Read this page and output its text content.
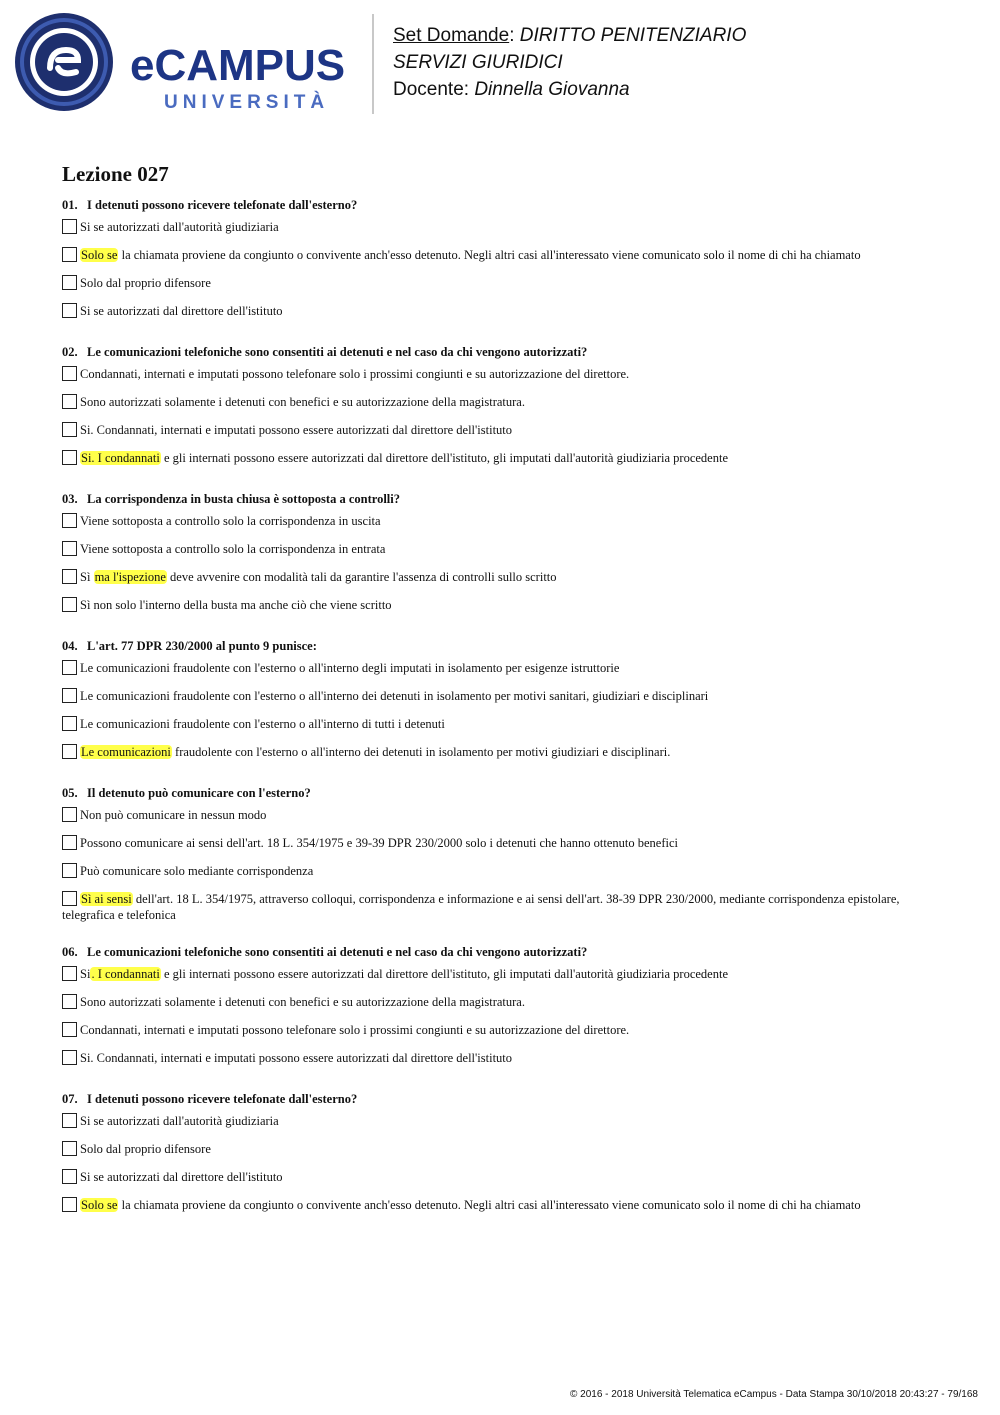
eCAMPUS
UNIVERSITÀ
Set Domande: DIRITTO PENITENZIARIO
SERVIZI GIURIDICI
Docente: Dinnella Giovanna
Lezione 027

01. I detenuti possono ricevere telefonate dall'esterno?

Si se autorizzati dall'autorità giudiziaria

Solo se la chiamata proviene da congiunto o convivente anch'esso detenuto. Negli altri casi all'interessato viene comunicato solo il nome di chi ha chiamato

Solo dal proprio difensore

Si se autorizzati dal direttore dell'istituto

02. Le comunicazioni telefoniche sono consentiti ai detenuti e nel caso da chi vengono autorizzati?

Condannati, internati e imputati possono telefonare solo i prossimi congiunti e su autorizzazione del direttore.

Sono autorizzati solamente i detenuti con benefici e su autorizzazione della magistratura.

Si. Condannati, internati e imputati possono essere autorizzati dal direttore dell'istituto

Si. I condannati e gli internati possono essere autorizzati dal direttore dell'istituto, gli imputati dall'autorità giudiziaria procedente

03. La corrispondenza in busta chiusa è sottoposta a controlli?

Viene sottoposta a controllo solo la corrispondenza in uscita

Viene sottoposta a controllo solo la corrispondenza in entrata

Sì ma l'ispezione deve avvenire con modalità tali da garantire l'assenza di controlli sullo scritto

Sì non solo l'interno della busta ma anche ciò che viene scritto

04. L'art. 77 DPR 230/2000 al punto 9 punisce:

Le comunicazioni fraudolente con l'esterno o all'interno degli imputati in isolamento per esigenze istruttorie

Le comunicazioni fraudolente con l'esterno o all'interno dei detenuti in isolamento per motivi sanitari, giudiziari e disciplinari

Le comunicazioni fraudolente con l'esterno o all'interno di tutti i detenuti

Le comunicazioni fraudolente con l'esterno o all'interno dei detenuti in isolamento per motivi giudiziari e disciplinari.

05. Il detenuto può comunicare con l'esterno?

Non può comunicare in nessun modo

Possono comunicare ai sensi dell'art. 18 L. 354/1975 e 39-39 DPR 230/2000 solo i detenuti che hanno ottenuto benefici

Può comunicare solo mediante corrispondenza

Sì ai sensi dell'art. 18 L. 354/1975, attraverso colloqui, corrispondenza e informazione e ai sensi dell'art. 38-39 DPR 230/2000, mediante corrispondenza epistolare, telegrafica e telefonica

06. Le comunicazioni telefoniche sono consentiti ai detenuti e nel caso da chi vengono autorizzati?

Si. I condannati e gli internati possono essere autorizzati dal direttore dell'istituto, gli imputati dall'autorità giudiziaria procedente

Sono autorizzati solamente i detenuti con benefici e su autorizzazione della magistratura.

Condannati, internati e imputati possono telefonare solo i prossimi congiunti e su autorizzazione del direttore.

Si. Condannati, internati e imputati possono essere autorizzati dal direttore dell'istituto

07. I detenuti possono ricevere telefonate dall'esterno?

Si se autorizzati dall'autorità giudiziaria

Solo dal proprio difensore

Si se autorizzati dal direttore dell'istituto

Solo se la chiamata proviene da congiunto o convivente anch'esso detenuto. Negli altri casi all'interessato viene comunicato solo il nome di chi ha chiamato

© 2016 - 2018 Università Telematica eCampus - Data Stampa 30/10/2018 20:43:27 - 79/168
